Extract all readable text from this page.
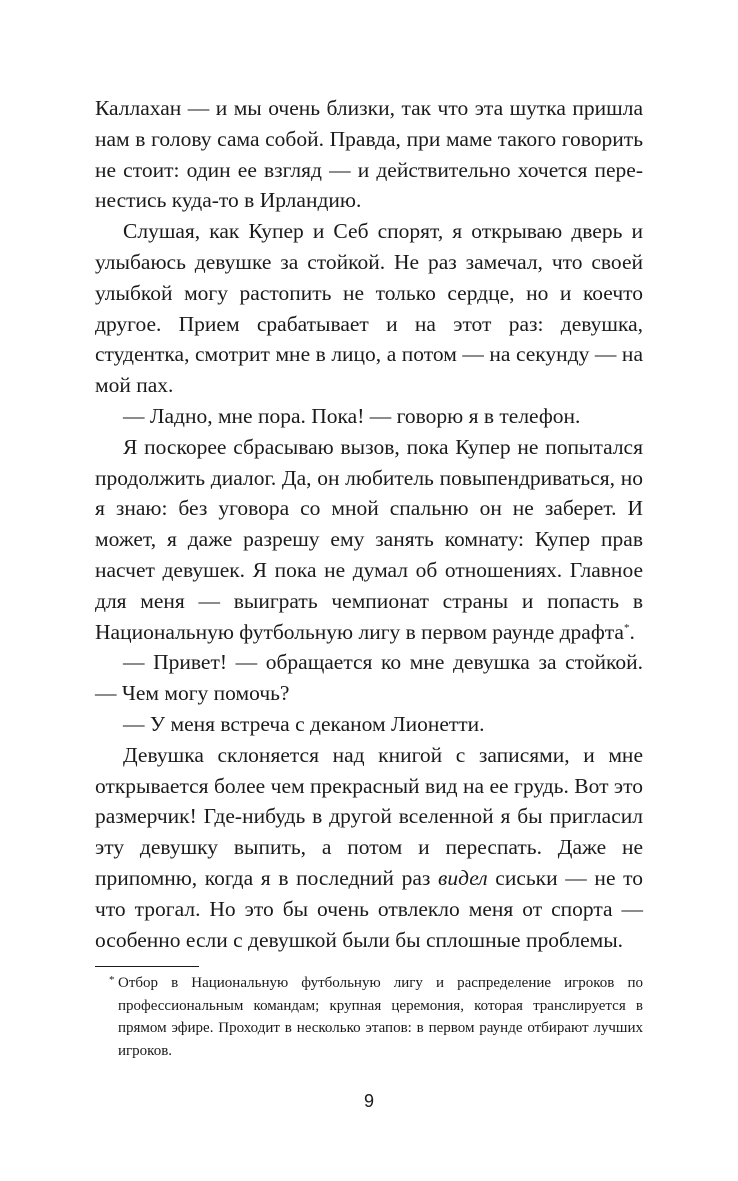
Каллахан — и мы очень близки, так что эта шутка пришла нам в голову сама собой. Правда, при маме такого говорить не стоит: один ее взгляд — и действительно хочется перенестись куда-то в Ирландию.

Слушая, как Купер и Себ спорят, я открываю дверь и улыбаюсь девушке за стойкой. Не раз замечал, что своей улыбкой могу растопить не только сердце, но и коечто другое. Прием срабатывает и на этот раз: девушка, студентка, смотрит мне в лицо, а потом — на секунду — на мой пах.

— Ладно, мне пора. Пока! — говорю я в телефон.

Я поскорее сбрасываю вызов, пока Купер не попытался продолжить диалог. Да, он любитель повыпендриваться, но я знаю: без уговора со мной спальню он не заберет. И может, я даже разрешу ему занять комнату: Купер прав насчет девушек. Я пока не думал об отношениях. Главное для меня — выиграть чемпионат страны и попасть в Национальную футбольную лигу в первом раунде драфта*.

— Привет! — обращается ко мне девушка за стойкой. — Чем могу помочь?

— У меня встреча с деканом Лионетти.

Девушка склоняется над книгой с записями, и мне открывается более чем прекрасный вид на ее грудь. Вот это размерчик! Где-нибудь в другой вселенной я бы пригласил эту девушку выпить, а потом и переспать. Даже не припомню, когда я в последний раз видел сиськи — не то что трогал. Но это бы очень отвлекло меня от спорта — особенно если с девушкой были бы сплошные проблемы.

* Отбор в Национальную футбольную лигу и распределение игроков по профессиональным командам; крупная церемония, которая транслируется в прямом эфире. Проходит в несколько этапов: в первом раунде отбирают лучших игроков.

9
